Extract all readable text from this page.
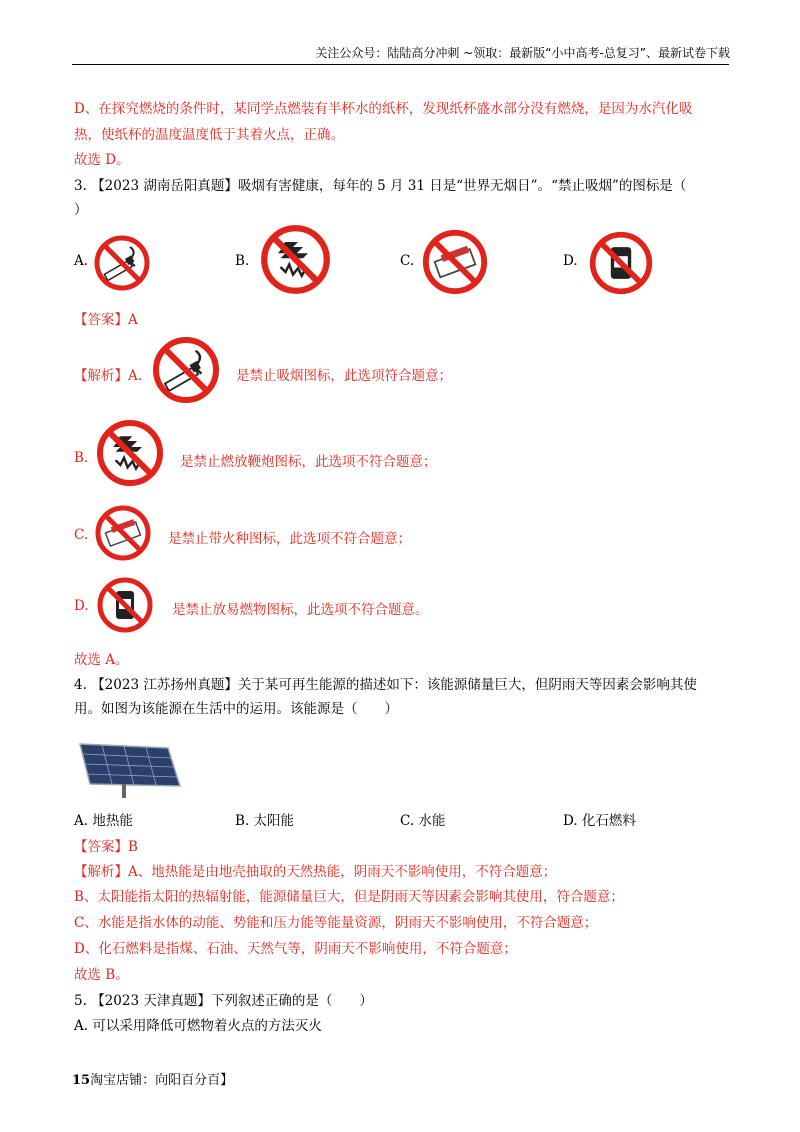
关注公众号：陆陆高分冲刺 ~领取：最新版“小中高考-总复习”、最新试卷下载
D、在探究燃烧的条件时，某同学点燃装有半杯水的纸杯，发现纸杯盛水部分没有燃烧，是因为水汽化吸
热，使纸杯的温度温度低于其着火点，正确。
故选 D。
3. 【2023 湖南岳阳真题】吸烟有害健康，每年的 5 月 31 日是“世界无烟日”。“禁止吸烟”的图标是（
）
A.	B.	C.	D.
【答案】A
【解析】A.	是禁止吸烟图标，此选项符合题意；
B.	是禁止燃放鞭炮图标，此选项不符合题意；
C.	是禁止带火种图标，此选项不符合题意；
D.	是禁止放易燃物图标，此选项不符合题意。
故选 A。
4. 【2023 江苏扬州真题】关于某可再生能源的描述如下：该能源储量巨大，但阴雨天等因素会影响其使
用。如图为该能源在生活中的运用。该能源是（　　）
A. 地热能	B. 太阳能	C. 水能	D. 化石燃料
【答案】B
【解析】A、地热能是由地壳抽取的天然热能，阴雨天不影响使用，不符合题意；
B、太阳能指太阳的热辐射能，能源储量巨大，但是阴雨天等因素会影响其使用，符合题意；
C、水能是指水体的动能、势能和压力能等能量资源，阴雨天不影响使用，不符合题意；
D、化石燃料是指煤、石油、天然气等，阴雨天不影响使用，不符合题意；
故选 B。
5. 【2023 天津真题】下列叙述正确的是（　　）
A. 可以采用降低可燃物着火点的方法灭火
15淘宝店铺：向阳百分百】
